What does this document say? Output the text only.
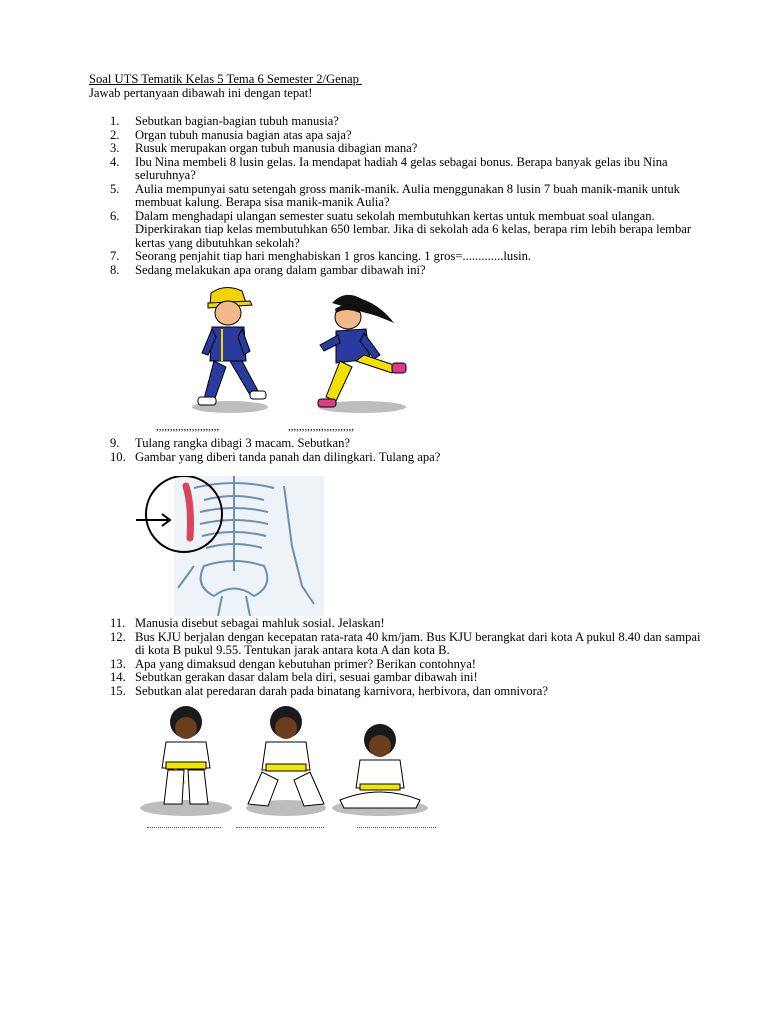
Soal UTS Tematik Kelas 5 Tema 6 Semester 2/Genap
Jawab pertanyaan dibawah ini dengan tepat!
1. Sebutkan bagian-bagian tubuh manusia?
2. Organ tubuh manusia bagian atas apa saja?
3. Rusuk merupakan organ tubuh manusia dibagian mana?
4. Ibu Nina membeli 8 lusin gelas. Ia mendapat hadiah 4 gelas sebagai bonus. Berapa banyak gelas ibu Nina seluruhnya?
5. Aulia mempunyai satu setengah gross manik-manik. Aulia menggunakan 8 lusin 7 buah manik-manik untuk membuat kalung. Berapa sisa manik-manik Aulia?
6. Dalam menghadapi ulangan semester suatu sekolah membutuhkan kertas untuk membuat soal ulangan. Diperkirakan tiap kelas membutuhkan 650 lembar. Jika di sekolah ada 6 kelas, berapa rim lebih berapa lembar kertas yang dibutuhkan sekolah?
7. Seorang penjahit tiap hari menghabiskan 1 gros kancing. 1 gros=.............lusin.
8. Sedang melakukan apa orang dalam gambar dibawah ini?
,,,,,,,,,,,,,,,,,,,,,,,	,,,,,,,,,,,,,,,,,,,,,,,,
9. Tulang rangka dibagi 3 macam. Sebutkan?
10. Gambar yang diberi tanda panah dan dilingkari. Tulang apa?
11. Manusia disebut sebagai mahluk sosial. Jelaskan!
12. Bus KJU berjalan dengan kecepatan rata-rata 40 km/jam. Bus KJU berangkat dari kota A pukul 8.40 dan sampai di kota B pukul 9.55. Tentukan jarak antara kota A dan kota B.
13. Apa yang dimaksud dengan kebutuhan primer? Berikan contohnya!
14. Sebutkan gerakan dasar dalam bela diri, sesuai gambar dibawah ini!
15. Sebutkan alat peredaran darah pada binatang karnivora, herbivora, dan omnivora?
